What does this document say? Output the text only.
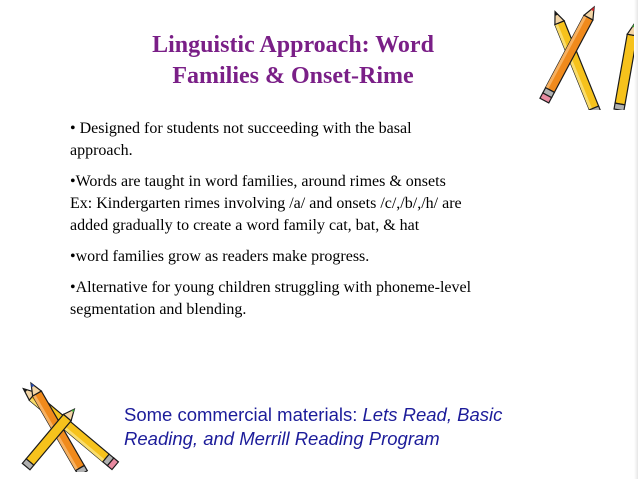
Linguistic Approach: Word
Families & Onset-Rime
• Designed for students not succeeding with the basal
approach.
•Words are taught in word families, around rimes & onsets
Ex: Kindergarten rimes involving /a/ and onsets /c/,/b/,/h/ are
added gradually to create a word family cat, bat, & hat
•word families grow as readers make progress.
•Alternative for young children struggling with phoneme-level
segmentation and blending.
Some commercial materials: Lets Read, Basic
Reading, and Merrill Reading Program
